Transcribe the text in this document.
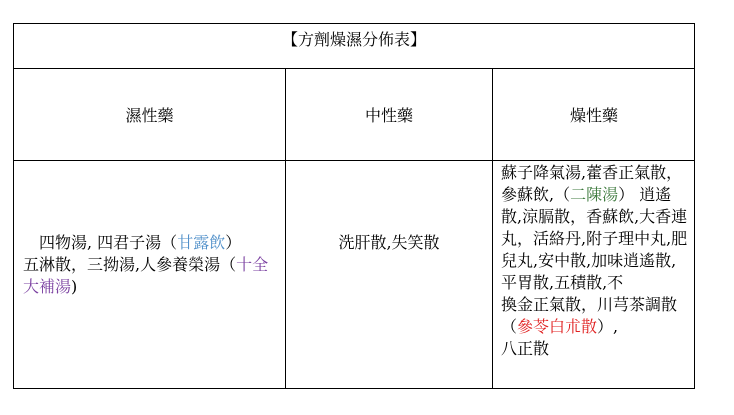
【方劑燥濕分佈表】
濕性藥	中性藥	燥性藥
　四物湯, 四君子湯（甘露飲）
五淋散，三拗湯,人參養榮湯（十全大補湯)
洗肝散,失笑散
蘇子降氣湯,藿香正氣散，參蘇飲,（二陳湯） 逍遙散,涼膈散，香蘇飲,大香連丸，活絡丹,附子理中丸,肥兒丸,安中散,加味逍遙散,平胃散,五積散,不
換金正氣散，川芎茶調散（參苓白朮散）,
八正散
